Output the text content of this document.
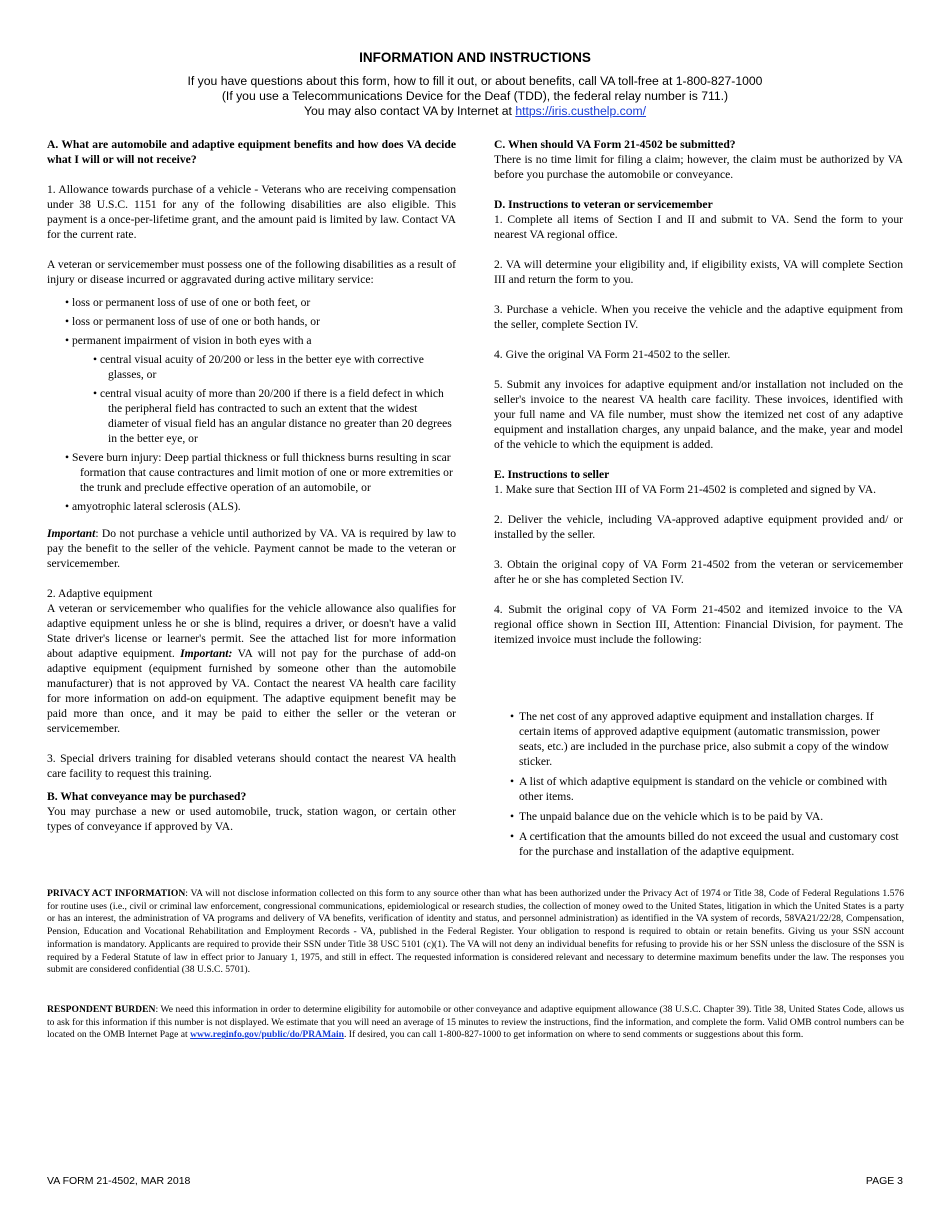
INFORMATION AND INSTRUCTIONS
If you have questions about this form, how to fill it out, or about benefits, call VA toll-free at 1-800-827-1000
(If you use a Telecommunications Device for the Deaf (TDD), the federal relay number is 711.)
You may also contact VA by Internet at https://iris.custhelp.com/

A. What are automobile and adaptive equipment benefits and how does VA decide what I will or will not receive?

1. Allowance towards purchase of a vehicle - Veterans who are receiving compensation under 38 U.S.C. 1151 for any of the following disabilities are also eligible. This payment is a once-per-lifetime grant, and the amount paid is limited by law. Contact VA for the current rate.

A veteran or servicemember must possess one of the following disabilities as a result of injury or disease incurred or aggravated during active military service:

• loss or permanent loss of use of one or both feet, or
• loss or permanent loss of use of one or both hands, or
• permanent impairment of vision in both eyes with a
• central visual acuity of 20/200 or less in the better eye with corrective glasses, or
• central visual acuity of more than 20/200 if there is a field defect in which the peripheral field has contracted to such an extent that the widest diameter of visual field has an angular distance no greater than 20 degrees in the better eye, or
• Severe burn injury: Deep partial thickness or full thickness burns resulting in scar formation that cause contractures and limit motion of one or more extremities or the trunk and preclude effective operation of an automobile, or
• amyotrophic lateral sclerosis (ALS).

Important: Do not purchase a vehicle until authorized by VA. VA is required by law to pay the benefit to the seller of the vehicle. Payment cannot be made to the veteran or servicemember.

2. Adaptive equipment

A veteran or servicemember who qualifies for the vehicle allowance also qualifies for adaptive equipment unless he or she is blind, requires a driver, or doesn't have a valid State driver's license or learner's permit. See the attached list for more information about adaptive equipment. Important: VA will not pay for the purchase of add-on adaptive equipment (equipment furnished by someone other than the automobile manufacturer) that is not approved by VA. Contact the nearest VA health care facility for more information on add-on equipment. The adaptive equipment benefit may be paid more than once, and it may be paid to either the seller or the veteran or servicemember.

3. Special drivers training for disabled veterans should contact the nearest VA health care facility to request this training.

B. What conveyance may be purchased?

You may purchase a new or used automobile, truck, station wagon, or certain other types of conveyance if approved by VA.

C. When should VA Form 21-4502 be submitted?

There is no time limit for filing a claim; however, the claim must be authorized by VA before you purchase the automobile or conveyance.

D. Instructions to veteran or servicemember

1. Complete all items of Section I and II and submit to VA. Send the form to your nearest VA regional office.

2. VA will determine your eligibility and, if eligibility exists, VA will complete Section III and return the form to you.

3. Purchase a vehicle. When you receive the vehicle and the adaptive equipment from the seller, complete Section IV.

4. Give the original VA Form 21-4502 to the seller.

5. Submit any invoices for adaptive equipment and/or installation not included on the seller's invoice to the nearest VA health care facility. These invoices, identified with your full name and VA file number, must show the itemized net cost of any adaptive equipment and installation charges, any unpaid balance, and the make, year and model of the vehicle to which the equipment is added.

E. Instructions to seller

1. Make sure that Section III of VA Form 21-4502 is completed and signed by VA.

2. Deliver the vehicle, including VA-approved adaptive equipment provided and/ or installed by the seller.

3. Obtain the original copy of VA Form 21-4502 from the veteran or servicemember after he or she has completed Section IV.

4. Submit the original copy of VA Form 21-4502 and itemized invoice to the VA regional office shown in Section III, Attention: Financial Division, for payment. The itemized invoice must include the following:

• The net cost of any approved adaptive equipment and installation charges. If certain items of approved adaptive equipment (automatic transmission, power seats, etc.) are included in the purchase price, also submit a copy of the window sticker.
• A list of which adaptive equipment is standard on the vehicle or combined with other items.
• The unpaid balance due on the vehicle which is to be paid by VA.
• A certification that the amounts billed do not exceed the usual and customary cost for the purchase and installation of the adaptive equipment.
PRIVACY ACT INFORMATION: VA will not disclose information collected on this form to any source other than what has been authorized under the Privacy Act of 1974 or Title 38, Code of Federal Regulations 1.576 for routine uses (i.e., civil or criminal law enforcement, congressional communications, epidemiological or research studies, the collection of money owed to the United States, litigation in which the United States is a party or has an interest, the administration of VA programs and delivery of VA benefits, verification of identity and status, and personnel administration) as identified in the VA system of records, 58VA21/22/28, Compensation, Pension, Education and Vocational Rehabilitation and Employment Records - VA, published in the Federal Register. Your obligation to respond is required to obtain or retain benefits. Giving us your SSN account information is mandatory. Applicants are required to provide their SSN under Title 38 USC 5101 (c)(1). The VA will not deny an individual benefits for refusing to provide his or her SSN unless the disclosure of the SSN is required by a Federal Statute of law in effect prior to January 1, 1975, and still in effect. The requested information is considered relevant and necessary to determine maximum benefits under the law. The responses you submit are considered confidential (38 U.S.C. 5701).
RESPONDENT BURDEN: We need this information in order to determine eligibility for automobile or other conveyance and adaptive equipment allowance (38 U.S.C. Chapter 39). Title 38, United States Code, allows us to ask for this information if this number is not displayed. We estimate that you will need an average of 15 minutes to review the instructions, find the information, and complete the form. Valid OMB control numbers can be located on the OMB Internet Page at www.reginfo.gov/public/do/PRAMain. If desired, you can call 1-800-827-1000 to get information on where to send comments or suggestions about this form.
VA FORM 21-4502, MAR 2018	PAGE 3
